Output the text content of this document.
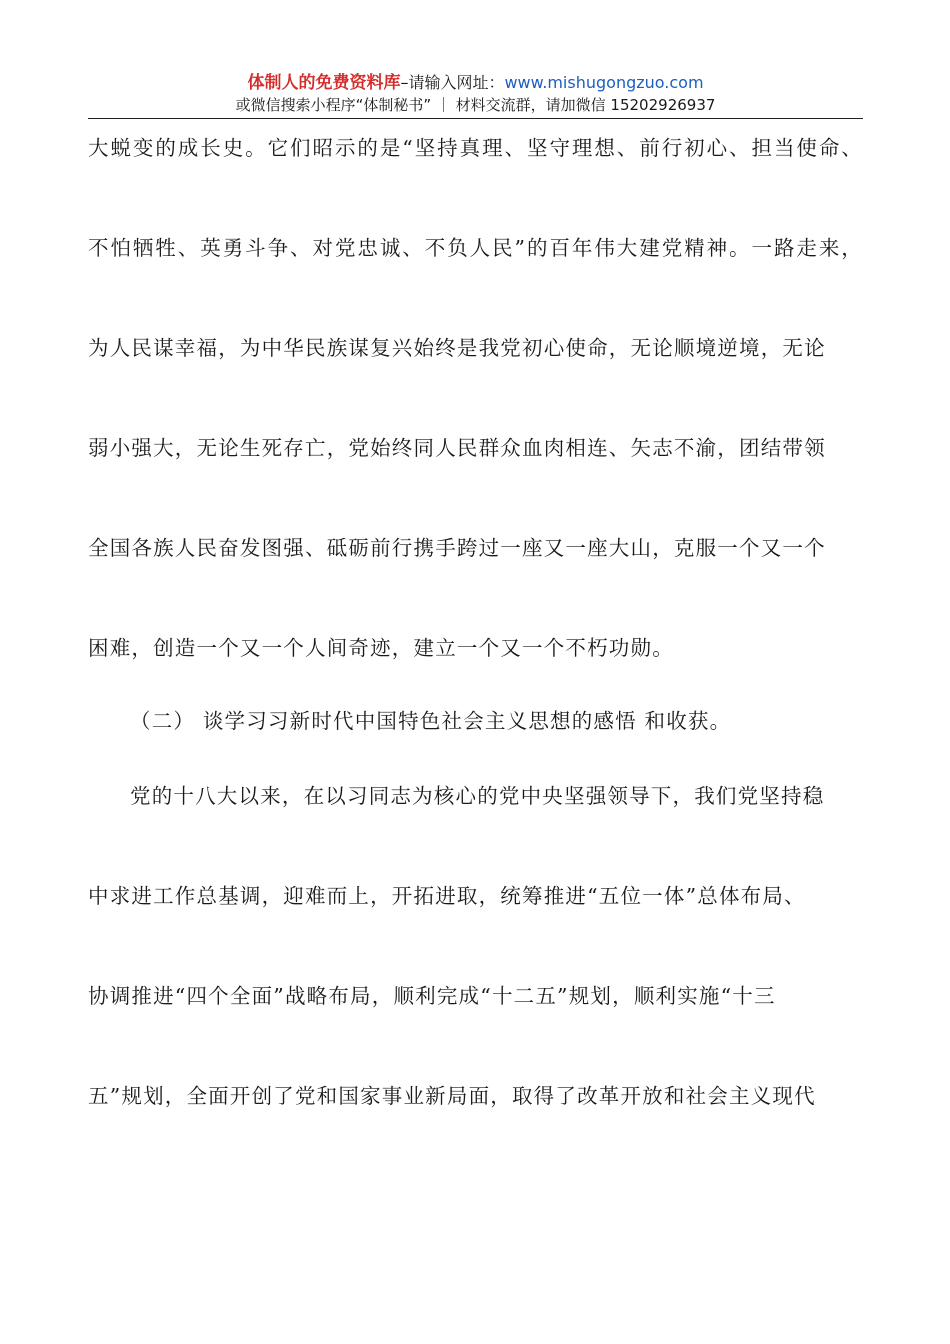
体制人的免费资料库–请输入网址：www.mishugongzuo.com
或微信搜索小程序“体制秘书” ｜ 材料交流群，请加微信 15202926937
大蜕变的成长史。它们昭示的是“坚持真理、坚守理想、前行初心、担当使命、
不怕牺牲、英勇斗争、对党忠诚、不负人民”的百年伟大建党精神。一路走来，
为人民谋幸福，为中华民族谋复兴始终是我党初心使命，无论顺境逆境，无论
弱小强大，无论生死存亡，党始终同人民群众血肉相连、矢志不渝，团结带领
全国各族人民奋发图强、砥砺前行携手跨过一座又一座大山，克服一个又一个
困难，创造一个又一个人间奇迹，建立一个又一个不朽功勋。
（二） 谈学习习新时代中国特色社会主义思想的感悟 和收获。
党的十八大以来，在以习同志为核心的党中央坚强领导下，我们党坚持稳
中求进工作总基调，迎难而上，开拓进取，统筹推进“五位一体”总体布局、
协调推进“四个全面”战略布局，顺利完成“十二五”规划，顺利实施“十三
五”规划，全面开创了党和国家事业新局面，取得了改革开放和社会主义现代
